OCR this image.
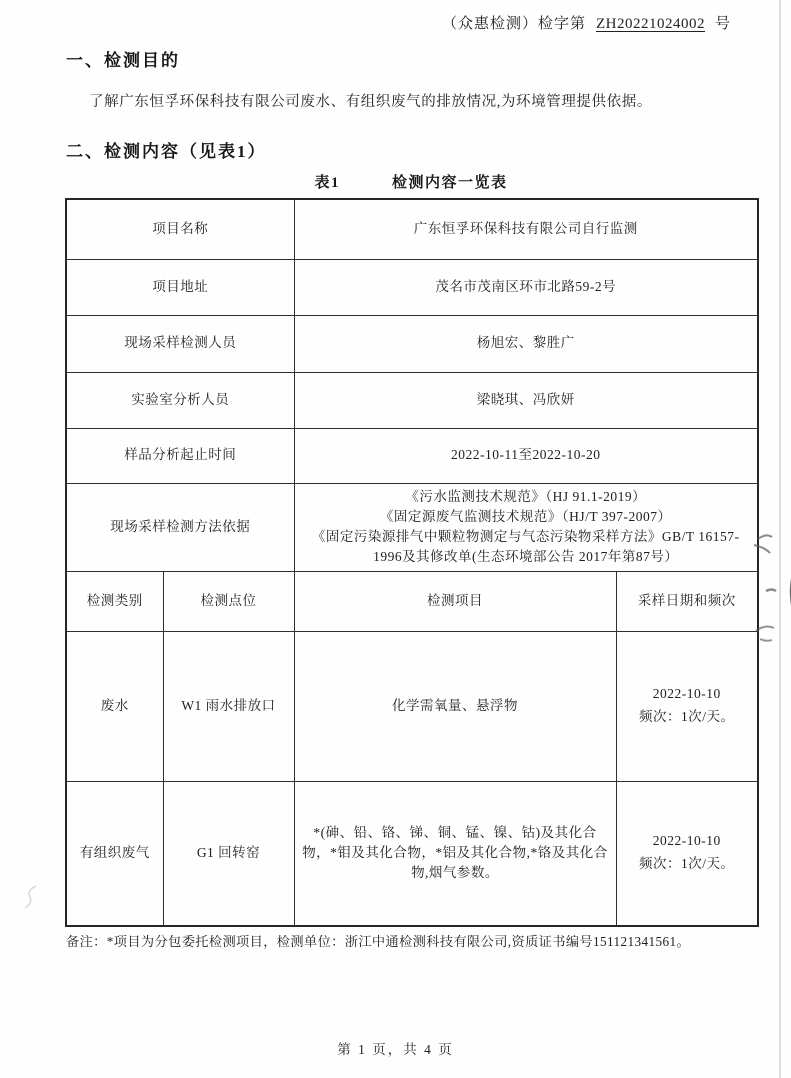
（众惠检测）检字第 ZH20221024002 号
一、检测目的

了解广东恒孚环保科技有限公司废水、有组织废气的排放情况,为环境管理提供依据。

二、检测内容（见表1）
表1	检测内容一览表
项目名称		广东恒孚环保科技有限公司自行监测	
项目地址		茂名市茂南区环市北路59-2号	
现场采样检测人员		杨旭宏、黎胜广	
实验室分析人员		梁晓琪、冯欣妍	
样品分析起止时间		2022-10-11至2022-10-20	
现场采样检测方法依据		《污水监测技术规范》（HJ 91.1-2019）
《固定源废气监测技术规范》（HJ/T 397-2007）
《固定污染源排气中颗粒物测定与气态污染物采样方法》GB/T 16157-1996及其修改单(生态环境部公告 2017年第87号）	

检测类别	检测点位	检测项目	采样日期和频次
废水	W1 雨水排放口	化学需氧量、悬浮物	2022-10-10
频次：1次/天。

有组织废气	G1 回转窑	*(砷、铅、铬、锑、铜、锰、镍、钴)及其化合物，*钼及其化合物，*铝及其化合物,*铬及其化合物,烟气参数。	2022-10-10
频次：1次/天。
备注：*项目为分包委托检测项目，检测单位：浙江中通检测科技有限公司,资质证书编号151121341561。
第 1 页，共 4 页
